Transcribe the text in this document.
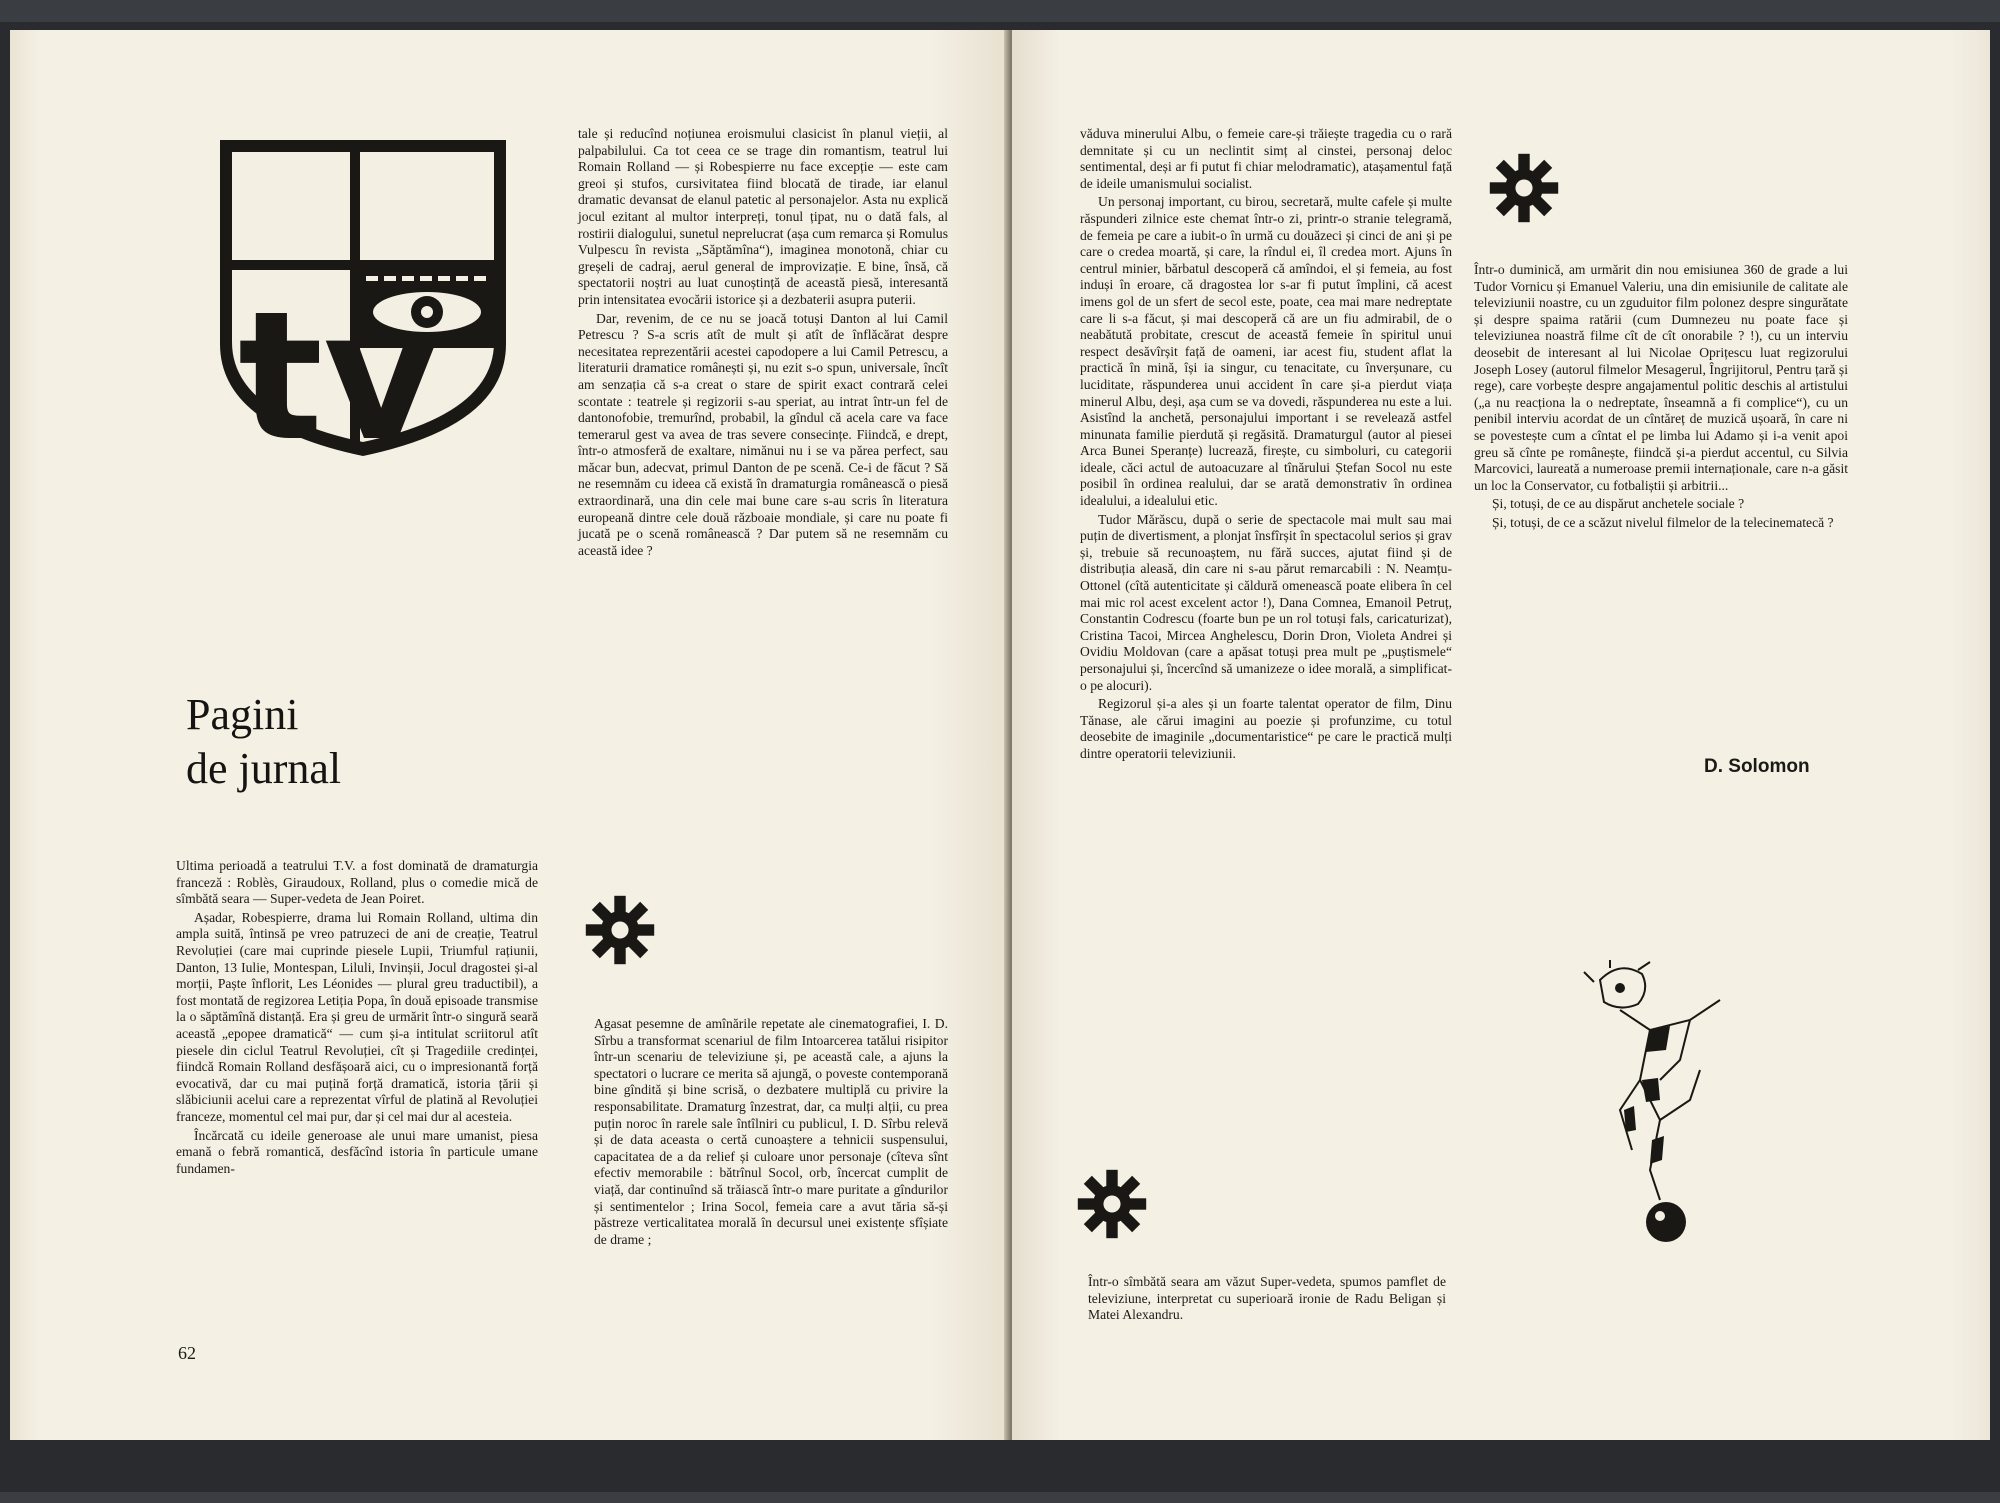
tv
Pagini
de jurnal

Ultima perioadă a teatrului T.V. a fost dominată de dramaturgia franceză : Roblès, Giraudoux, Rolland, plus o comedie mică de sîmbătă seara — Super-vedeta de Jean Poiret.

Așadar, Robespierre, drama lui Romain Rolland, ultima din ampla suită, întinsă pe vreo patruzeci de ani de creație, Teatrul Revoluției (care mai cuprinde piesele Lupii, Triumful rațiunii, Danton, 13 Iulie, Montespan, Liluli, Invinșii, Jocul dragostei și-al morții, Paște înflorit, Les Léonides — plural greu traductibil), a fost montată de regizorea Letiția Popa, în două episoade transmise la o săptămînă distanță. Era și greu de urmărit într-o singură seară această „epopee dramatică“ — cum și-a intitulat scriitorul atît piesele din ciclul Teatrul Revoluției, cît și Tragediile credinței, fiindcă Romain Rolland desfășoară aici, cu o impresionantă forță evocativă, dar cu mai puțină forță dramatică, istoria țării și slăbiciunii acelui care a reprezentat vîrful de platină al Revoluției franceze, momentul cel mai pur, dar și cel mai dur al acesteia.

Încărcată cu ideile generoase ale unui mare umanist, piesa emană o febră romantică, desfăcînd istoria în particule umane fundamen-

tale și reducînd noțiunea eroismului clasicist în planul vieții, al palpabilului. Ca tot ceea ce se trage din romantism, teatrul lui Romain Rolland — și Robespierre nu face excepție — este cam greoi și stufos, cursivitatea fiind blocată de tirade, iar elanul dramatic devansat de elanul patetic al personajelor. Asta nu explică jocul ezitant al multor interpreți, tonul țipat, nu o dată fals, al rostirii dialogului, sunetul neprelucrat (așa cum remarca și Romulus Vulpescu în revista „Săptămîna“), imaginea monotonă, chiar cu greșeli de cadraj, aerul general de improvizație. E bine, însă, că spectatorii noștri au luat cunoștință de această piesă, interesantă prin intensitatea evocării istorice și a dezbaterii asupra puterii.

Dar, revenim, de ce nu se joacă totuși Danton al lui Camil Petrescu ? S-a scris atît de mult și atît de înflăcărat despre necesitatea reprezentării acestei capodopere a lui Camil Petrescu, a literaturii dramatice românești și, nu ezit s-o spun, universale, încît am senzația că s-a creat o stare de spirit exact contrară celei scontate : teatrele și regizorii s-au speriat, au intrat într-un fel de dantonofobie, tremurînd, probabil, la gîndul că acela care va face temerarul gest va avea de tras severe consecințe. Fiindcă, e drept, într-o atmosferă de exaltare, nimănui nu i se va părea perfect, sau măcar bun, adecvat, primul Danton de pe scenă. Ce-i de făcut ? Să ne resemnăm cu ideea că există în dramaturgia românească o piesă extraordinară, una din cele mai bune care s-au scris în literatura europeană dintre cele două războaie mondiale, și care nu poate fi jucată pe o scenă românească ? Dar putem să ne resemnăm cu această idee ?

Agasat pesemne de amînările repetate ale cinematografiei, I. D. Sîrbu a transformat scenariul de film Intoarcerea tatălui risipitor într-un scenariu de televiziune și, pe această cale, a ajuns la spectatori o lucrare ce merita să ajungă, o poveste contemporană bine gîndită și bine scrisă, o dezbatere multiplă cu privire la responsabilitate. Dramaturg înzestrat, dar, ca mulți alții, cu prea puțin noroc în rarele sale întîlniri cu publicul, I. D. Sîrbu relevă și de data aceasta o certă cunoaștere a tehnicii suspensului, capacitatea de a da relief și culoare unor personaje (cîteva sînt efectiv memorabile : bătrînul Socol, orb, încercat cumplit de viață, dar continuînd să trăiască într-o mare puritate a gîndurilor și sentimentelor ; Irina Socol, femeia care a avut tăria să-și păstreze verticalitatea morală în decursul unei existențe sfîșiate de drame ;

62

văduva minerului Albu, o femeie care-și trăiește tragedia cu o rară demnitate și cu un neclintit simț al cinstei, personaj deloc sentimental, deși ar fi putut fi chiar melodramatic), atașamentul față de ideile umanismului socialist.

Un personaj important, cu birou, secretară, multe cafele și multe răspunderi zilnice este chemat într-o zi, printr-o stranie telegramă, de femeia pe care a iubit-o în urmă cu douăzeci și cinci de ani și pe care o credea moartă, și care, la rîndul ei, îl credea mort. Ajuns în centrul minier, bărbatul descoperă că amîndoi, el și femeia, au fost induși în eroare, că dragostea lor s-ar fi putut împlini, că acest imens gol de un sfert de secol este, poate, cea mai mare nedreptate care li s-a făcut, și mai descoperă că are un fiu admirabil, de o neabătută probitate, crescut de această femeie în spiritul unui respect desăvîrșit față de oameni, iar acest fiu, student aflat la practică în mină, își ia singur, cu tenacitate, cu înverșunare, cu luciditate, răspunderea unui accident în care și-a pierdut viața minerul Albu, deși, așa cum se va dovedi, răspunderea nu este a lui. Asistînd la anchetă, personajului important i se revelează astfel minunata familie pierdută și regăsită. Dramaturgul (autor al piesei Arca Bunei Speranțe) lucrează, firește, cu simboluri, cu categorii ideale, căci actul de autoacuzare al tînărului Ștefan Socol nu este posibil în ordinea realului, dar se arată demonstrativ în ordinea idealului, a idealului etic.

Tudor Mărăscu, după o serie de spectacole mai mult sau mai puțin de divertisment, a plonjat însfîrșit în spectacolul serios și grav și, trebuie să recunoaștem, nu fără succes, ajutat fiind și de distribuția aleasă, din care ni s-au părut remarcabili : N. Neamțu-Ottonel (cîtă autenticitate și căldură omenească poate elibera în cel mai mic rol acest excelent actor !), Dana Comnea, Emanoil Petruț, Constantin Codrescu (foarte bun pe un rol totuși fals, caricaturizat), Cristina Tacoi, Mircea Anghelescu, Dorin Dron, Violeta Andrei și Ovidiu Moldovan (care a apăsat totuși prea mult pe „puștismele“ personajului și, încercînd să umanizeze o idee morală, a simplificat-o pe alocuri).

Regizorul și-a ales și un foarte talentat operator de film, Dinu Tănase, ale cărui imagini au poezie și profunzime, cu totul deosebite de imaginile „documentaristice“ pe care le practică mulți dintre operatorii televiziunii.

Într-o sîmbătă seara am văzut Super-vedeta, spumos pamflet de televiziune, interpretat cu superioară ironie de Radu Beligan și Matei Alexandru.

Într-o duminică, am urmărit din nou emisiunea 360 de grade a lui Tudor Vornicu și Emanuel Valeriu, una din emisiunile de calitate ale televiziunii noastre, cu un zguduitor film polonez despre singurătate și despre spaima ratării (cum Dumnezeu nu poate face și televiziunea noastră filme cît de cît onorabile ? !), cu un interviu deosebit de interesant al lui Nicolae Oprițescu luat regizorului Joseph Losey (autorul filmelor Mesagerul, Îngrijitorul, Pentru țară și rege), care vorbește despre angajamentul politic deschis al artistului („a nu reacționa la o nedreptate, înseamnă a fi complice“), cu un penibil interviu acordat de un cîntăreț de muzică ușoară, în care ni se povestește cum a cîntat el pe limba lui Adamo și i-a venit apoi greu să cînte pe românește, fiindcă și-a pierdut accentul, cu Silvia Marcovici, laureată a numeroase premii internaționale, care n-a găsit un loc la Conservator, cu fotbaliștii și arbitrii...

Și, totuși, de ce au dispărut anchetele sociale ?

Și, totuși, de ce a scăzut nivelul filmelor de la telecinematecă ?

D. Solomon
